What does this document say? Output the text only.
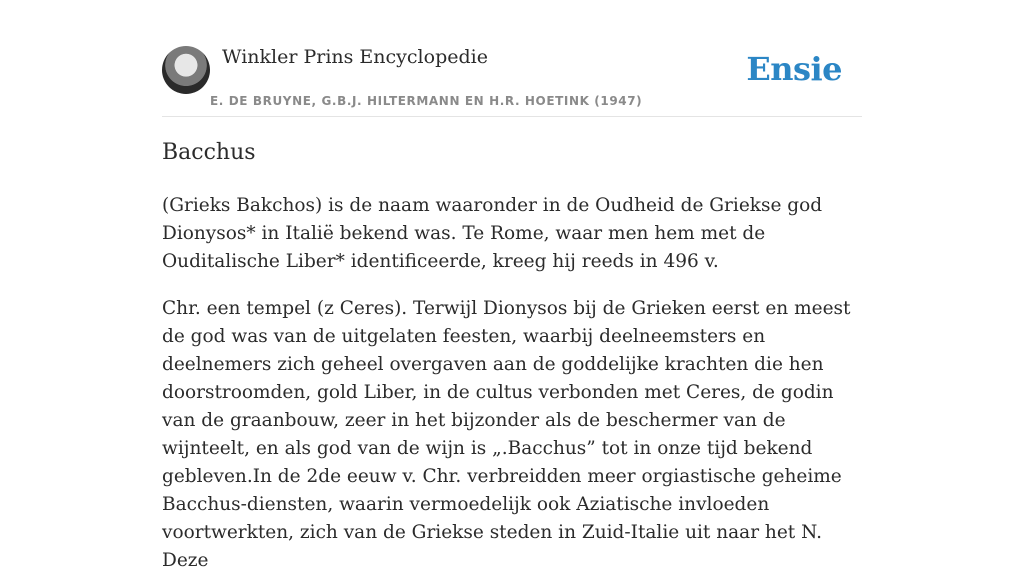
Winkler Prins Encyclopedie
E. DE BRUYNE, G.B.J. HILTERMANN EN H.R. HOETINK (1947)
Ensie
Bacchus

(Grieks Bakchos) is de naam waaronder in de Oudheid de Griekse god Dionysos* in Italië bekend was. Te Rome, waar men hem met de Ouditalische Liber* identificeerde, kreeg hij reeds in 496 v.

Chr. een tempel (z Ceres). Terwijl Dionysos bij de Grieken eerst en meest de god was van de uitgelaten feesten, waarbij deelneemsters en deelnemers zich geheel overgaven aan de goddelijke krachten die hen doorstroomden, gold Liber, in de cultus verbonden met Ceres, de godin van de graanbouw, zeer in het bijzonder als de beschermer van de wijnteelt, en als god van de wijn is „.Bacchus” tot in onze tijd bekend gebleven.In de 2de eeuw v. Chr. verbreidden meer orgiastische geheime Bacchus-diensten, waarin vermoedelijk ook Aziatische invloeden voortwerkten, zich van de Griekse steden in Zuid-Italie uit naar het N. Deze
